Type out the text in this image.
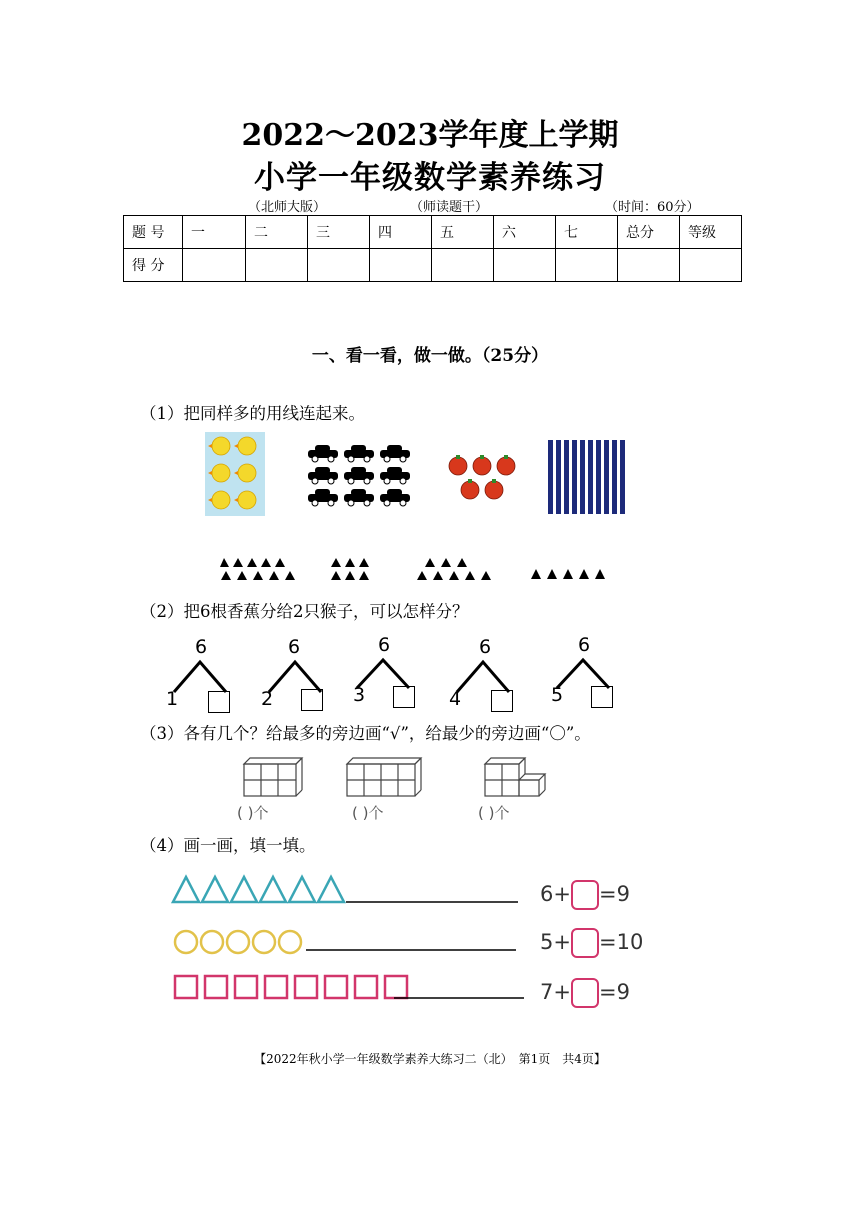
2022～2023学年度上学期
小学一年级数学素养练习
（北师大版）	（师读题干）	（时间：60分）
题 号	一	二	三	四	五	六	七	总分	等级
得 分									
一、看一看，做一做。（25分）
（1）把同样多的用线连起来。
（2）把6根香蕉分给2只猴子，可以怎样分？
6
1
6
2
6
3
6
4
6
5
（3）各有几个？给最多的旁边画“√”，给最少的旁边画“〇”。
( )个	( )个	( )个
（4）画一画，填一填。
6+ =9
5+ =10
7+ =9
【2022年秋小学一年级数学素养大练习二（北）　第1页　共4页】
